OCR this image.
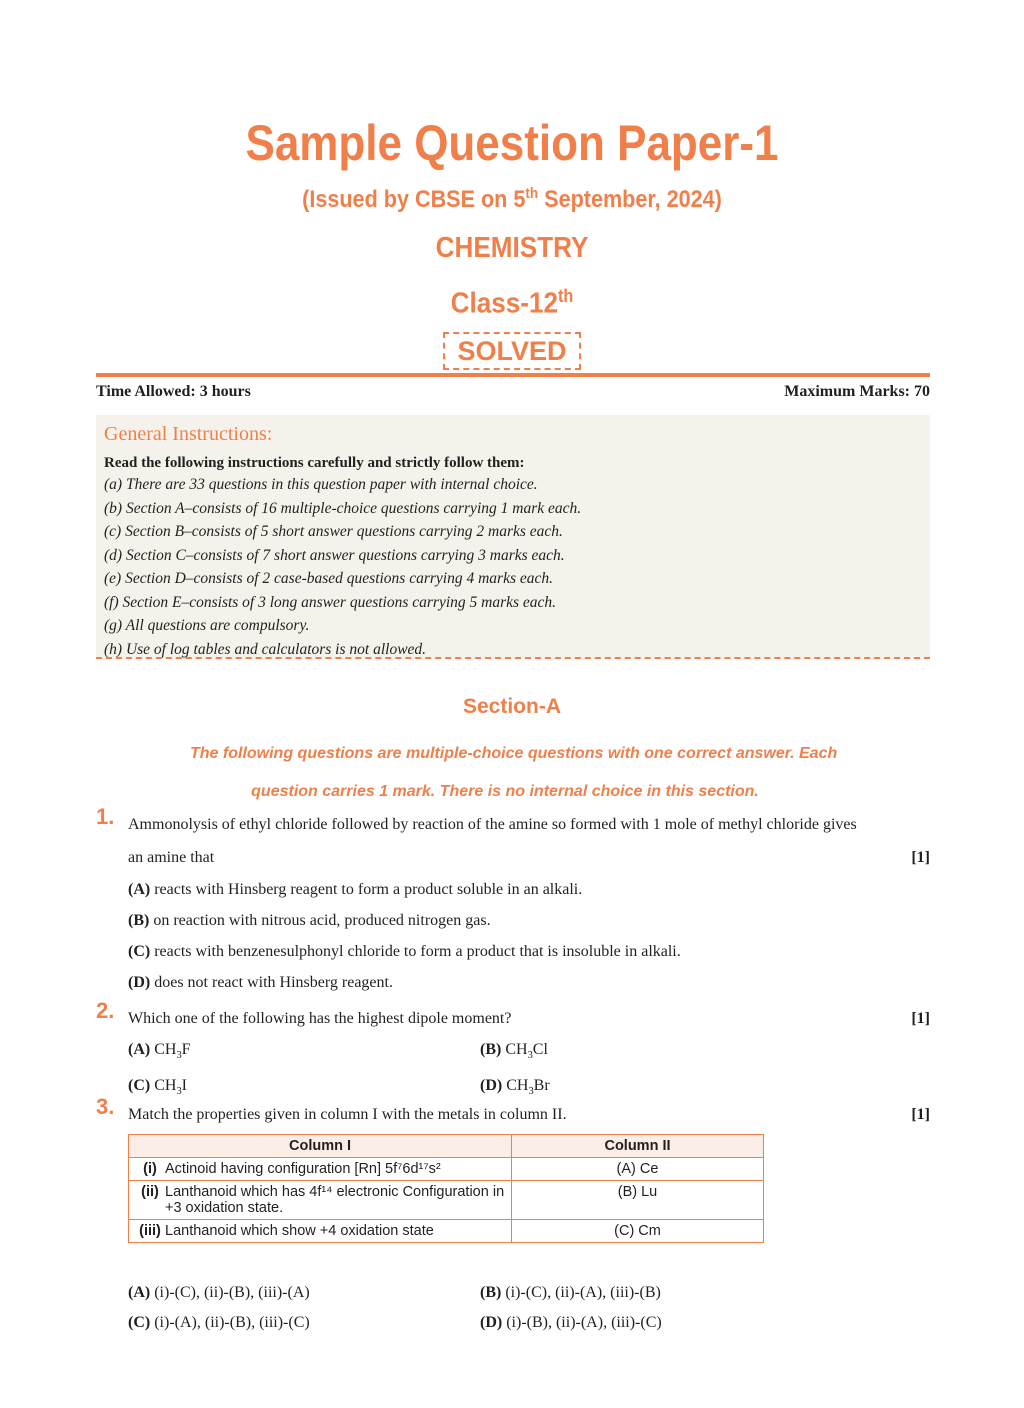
Sample Question Paper-1
(Issued by CBSE on 5th September, 2024)
CHEMISTRY
Class-12th
SOLVED
Time Allowed: 3 hours	Maximum Marks: 70
General Instructions:
Read the following instructions carefully and strictly follow them:
(a) There are 33 questions in this question paper with internal choice.
(b) Section A–consists of 16 multiple-choice questions carrying 1 mark each.
(c) Section B–consists of 5 short answer questions carrying 2 marks each.
(d) Section C–consists of 7 short answer questions carrying 3 marks each.
(e) Section D–consists of 2 case-based questions carrying 4 marks each.
(f) Section E–consists of 3 long answer questions carrying 5 marks each.
(g) All questions are compulsory.
(h) Use of log tables and calculators is not allowed.
Section-A
The following questions are multiple-choice questions with one correct answer. Each
question carries 1 mark. There is no internal choice in this section.
1. Ammonolysis of ethyl chloride followed by reaction of the amine so formed with 1 mole of methyl chloride gives
an amine that	[1]
(A) reacts with Hinsberg reagent to form a product soluble in an alkali.
(B) on reaction with nitrous acid, produced nitrogen gas.
(C) reacts with benzenesulphonyl chloride to form a product that is insoluble in alkali.
(D) does not react with Hinsberg reagent.
2. Which one of the following has the highest dipole moment?	[1]
(A) $CH_3F$	(B) $CH_3Cl$
(C) $CH_3I$	(D) $CH_3Br$
3. Match the properties given in column I with the metals in column II.	[1]
Column I	Column II

(i) Actinoid having configuration [Rn] 5f⁷6d¹⁷s²	(A) Ce

(ii) Lanthanoid which has 4f¹⁴ electronic Configuration in +3 oxidation state.	(B) Lu

(iii) Lanthanoid which show +4 oxidation state	(C) Cm
(A) (i)-(C), (ii)-(B), (iii)-(A)	(B) (i)-(C), (ii)-(A), (iii)-(B)
(C) (i)-(A), (ii)-(B), (iii)-(C)	(D) (i)-(B), (ii)-(A), (iii)-(C)
